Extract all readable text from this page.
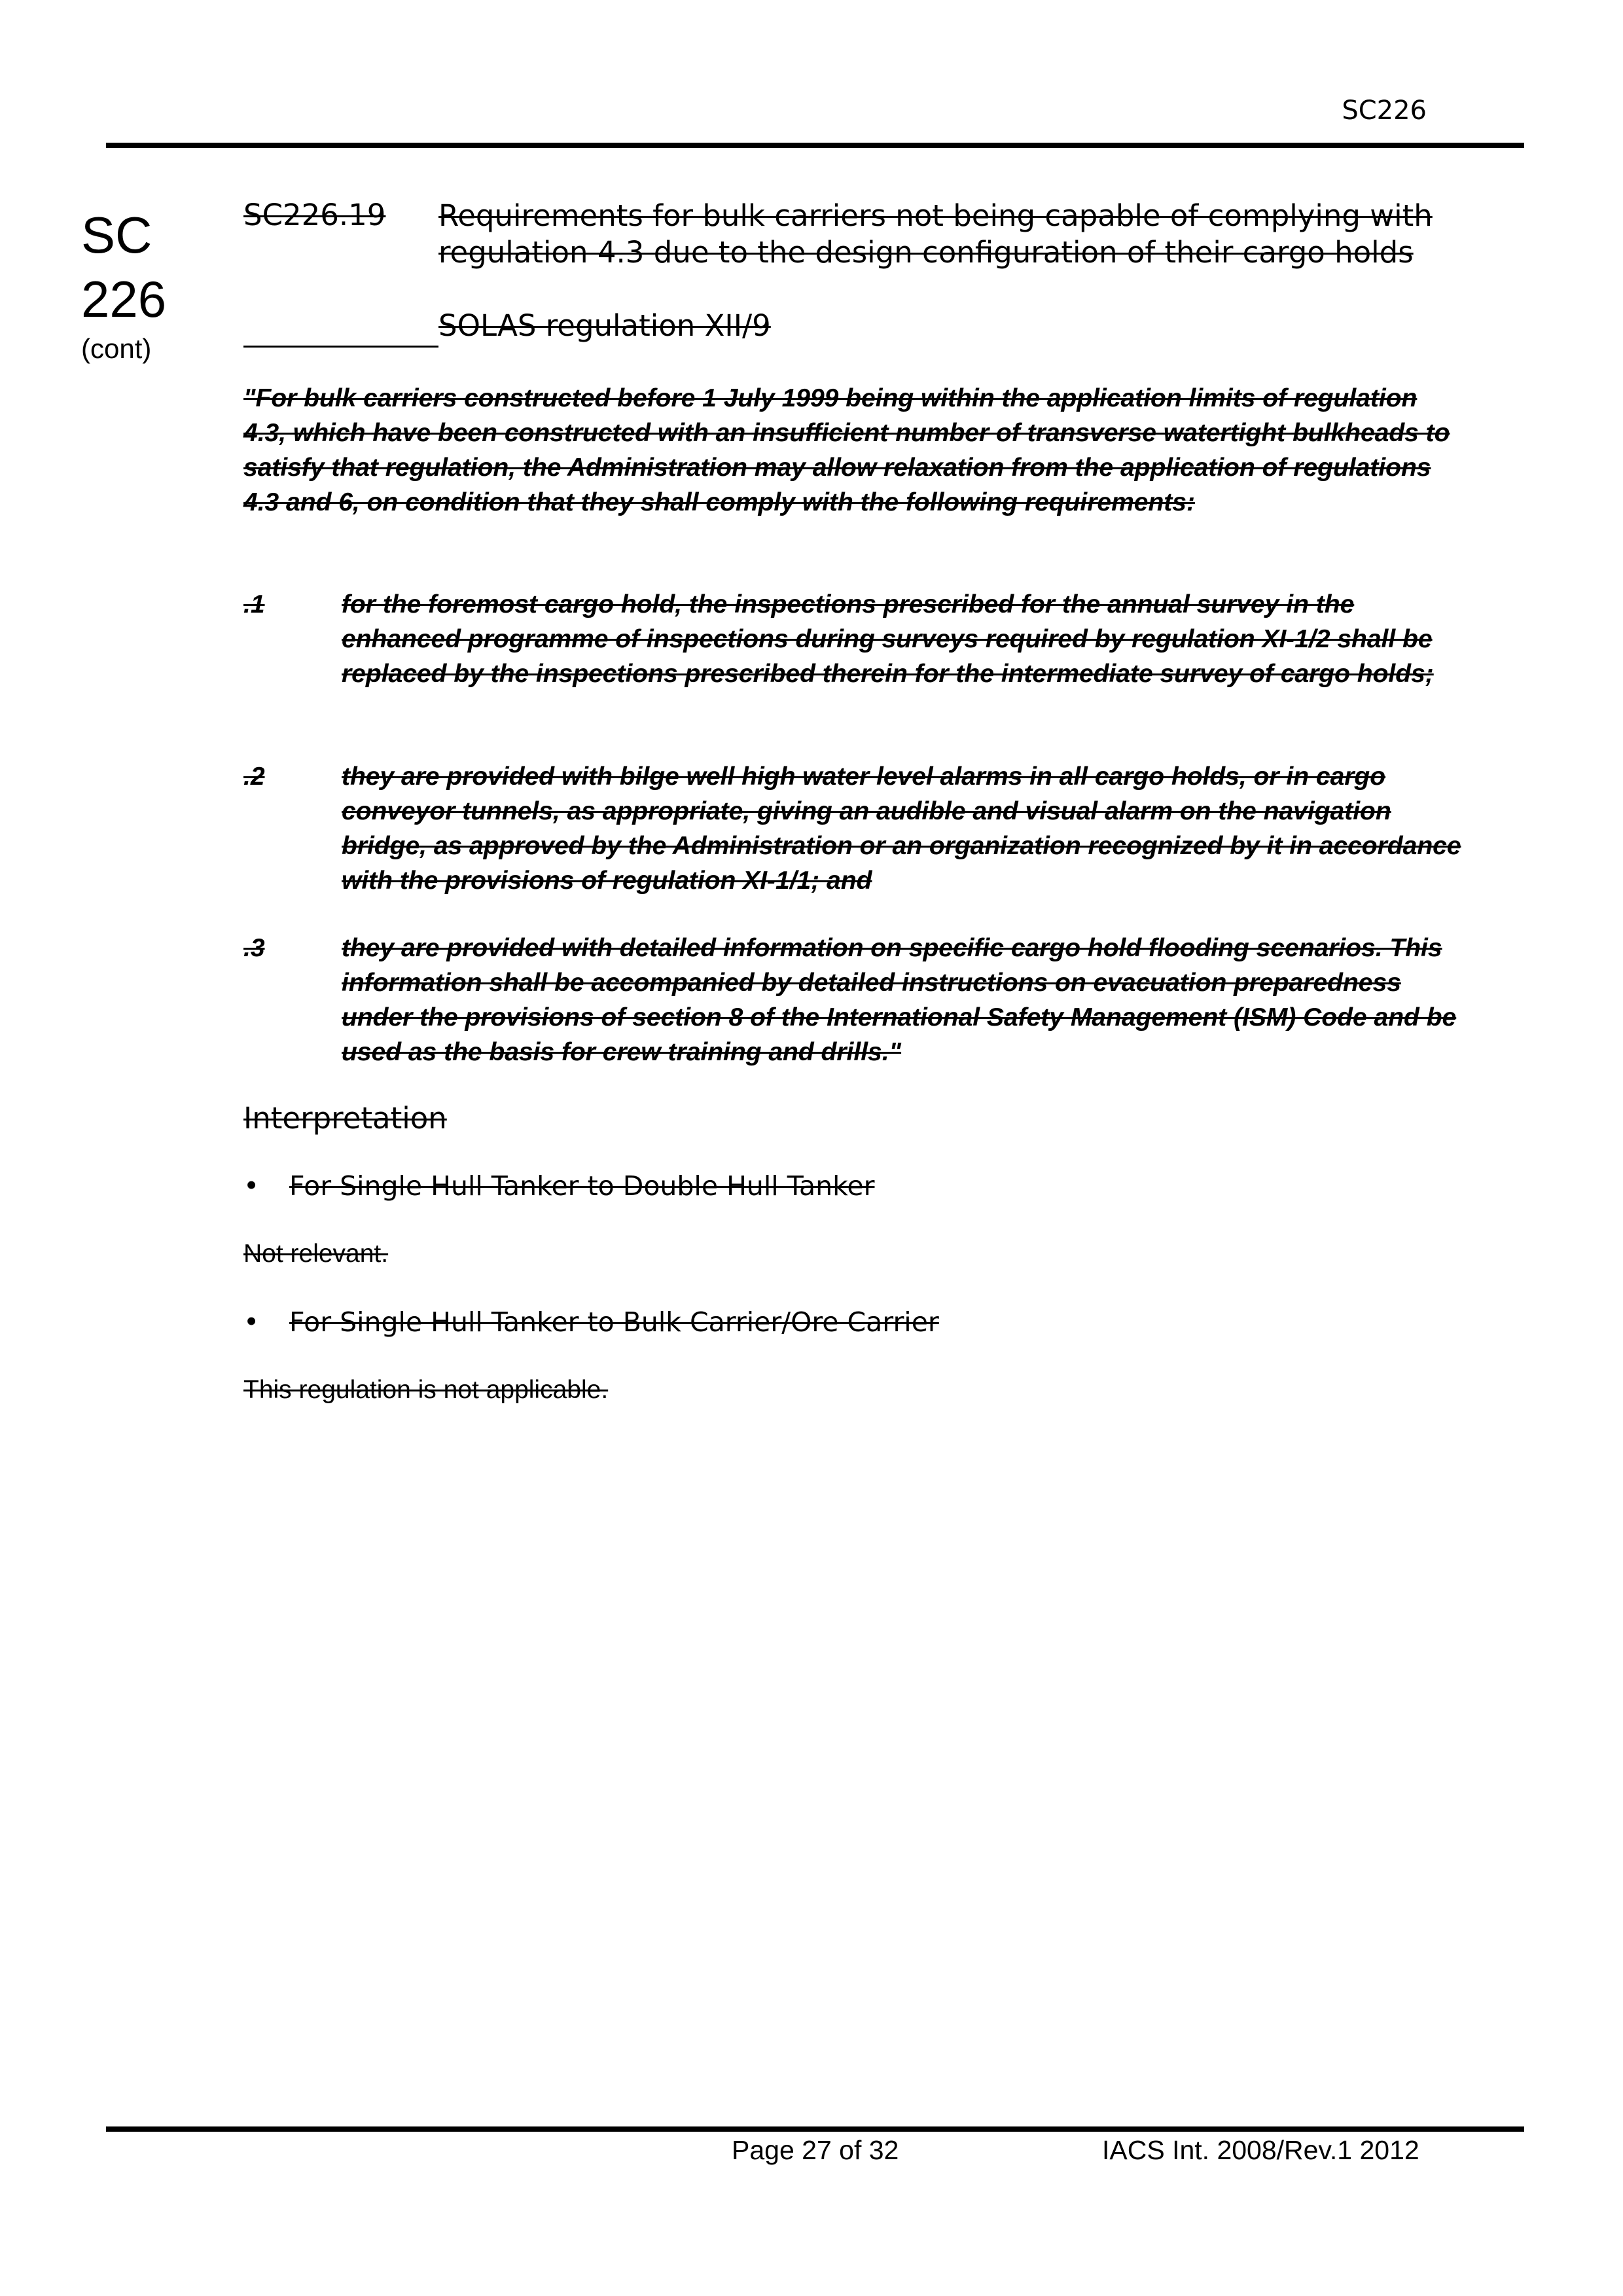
SC226
SC
226
(cont)
SC226.19 Requirements for bulk carriers not being capable of complying with regulation 4.3 due to the design configuration of their cargo holds
SOLAS regulation XII/9
"For bulk carriers constructed before 1 July 1999 being within the application limits of regulation 4.3, which have been constructed with an insufficient number of transverse watertight bulkheads to satisfy that regulation, the Administration may allow relaxation from the application of regulations 4.3 and 6, on condition that they shall comply with the following requirements:
.1	for the foremost cargo hold, the inspections prescribed for the annual survey in the enhanced programme of inspections during surveys required by regulation XI-1/2 shall be replaced by the inspections prescribed therein for the intermediate survey of cargo holds;
.2	they are provided with bilge well high water level alarms in all cargo holds, or in cargo conveyor tunnels, as appropriate, giving an audible and visual alarm on the navigation bridge, as approved by the Administration or an organization recognized by it in accordance with the provisions of regulation XI-1/1; and
.3	they are provided with detailed information on specific cargo hold flooding scenarios. This information shall be accompanied by detailed instructions on evacuation preparedness under the provisions of section 8 of the International Safety Management (ISM) Code and be used as the basis for crew training and drills."
Interpretation
• For Single Hull Tanker to Double Hull Tanker
Not relevant.
• For Single Hull Tanker to Bulk Carrier/Ore Carrier
This regulation is not applicable.
Page 27 of 32	IACS Int. 2008/Rev.1 2012
